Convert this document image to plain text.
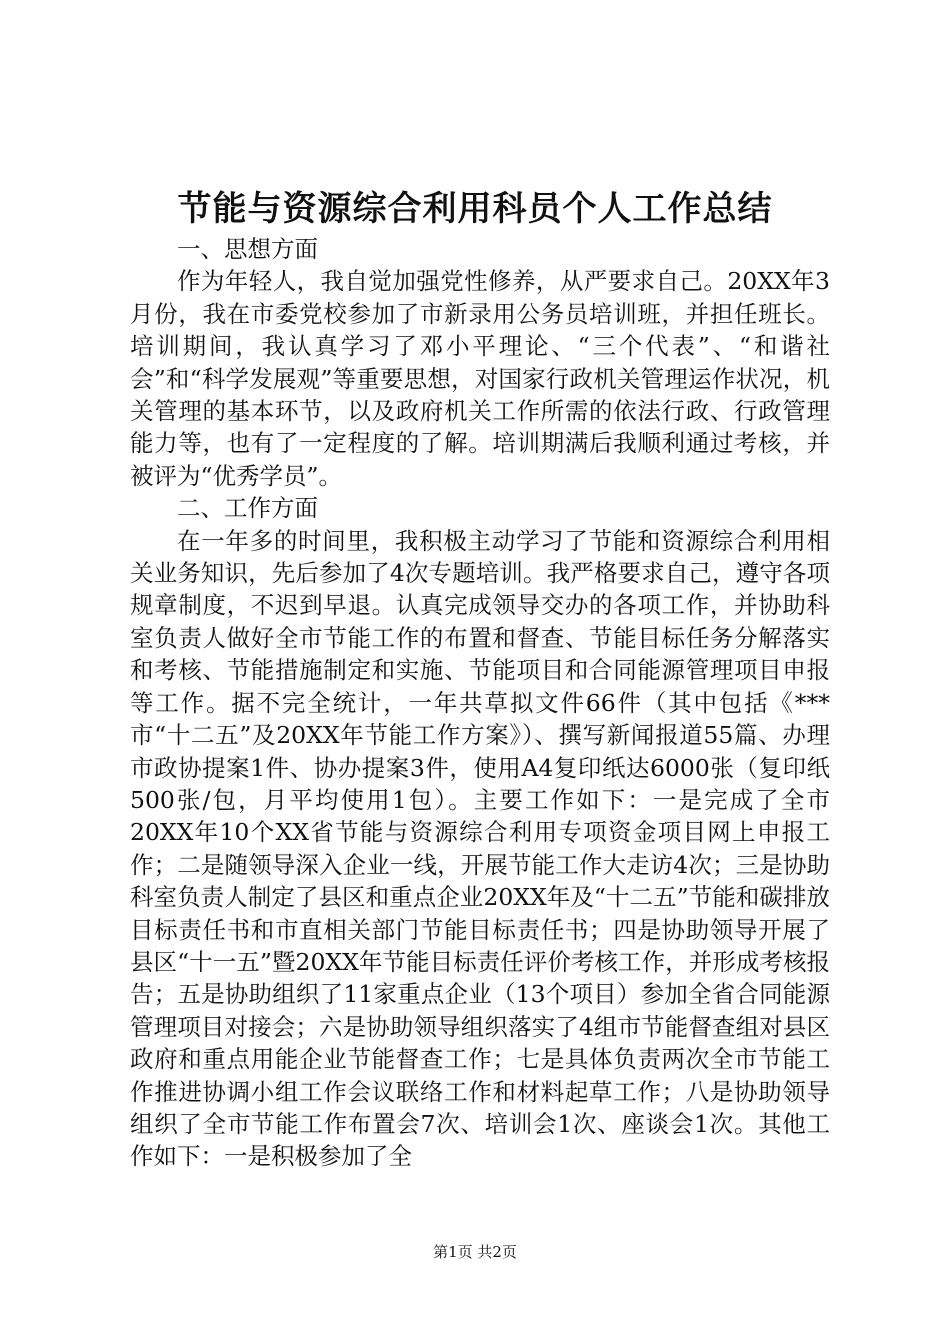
节能与资源综合利用科员个人工作总结

一、思想方面

作为年轻人，我自觉加强党性修养，从严要求自己。20XX年3月份，我在市委党校参加了市新录用公务员培训班，并担任班长。培训期间，我认真学习了邓小平理论、“三个代表”、“和谐社会”和“科学发展观”等重要思想，对国家行政机关管理运作状况，机关管理的基本环节，以及政府机关工作所需的依法行政、行政管理能力等，也有了一定程度的了解。培训期满后我顺利通过考核，并被评为“优秀学员”。

二、工作方面

在一年多的时间里，我积极主动学习了节能和资源综合利用相关业务知识，先后参加了4次专题培训。我严格要求自己，遵守各项规章制度，不迟到早退。认真完成领导交办的各项工作，并协助科室负责人做好全市节能工作的布置和督查、节能目标任务分解落实和考核、节能措施制定和实施、节能项目和合同能源管理项目申报等工作。据不完全统计，一年共草拟文件66件（其中包括《***市“十二五”及20XX年节能工作方案》）、撰写新闻报道55篇、办理市政协提案1件、协办提案3件，使用A4复印纸达6000张（复印纸500张/包，月平均使用1包）。主要工作如下：一是完成了全市20XX年10个XX省节能与资源综合利用专项资金项目网上申报工作；二是随领导深入企业一线，开展节能工作大走访4次；三是协助科室负责人制定了县区和重点企业20XX年及“十二五”节能和碳排放目标责任书和市直相关部门节能目标责任书；四是协助领导开展了县区“十一五”暨20XX年节能目标责任评价考核工作，并形成考核报告；五是协助组织了11家重点企业（13个项目）参加全省合同能源管理项目对接会；六是协助领导组织落实了4组市节能督查组对县区政府和重点用能企业节能督查工作；七是具体负责两次全市节能工作推进协调小组工作会议联络工作和材料起草工作；八是协助领导组织了全市节能工作布置会7次、培训会1次、座谈会1次。其他工作如下：一是积极参加了全

第1页 共2页
